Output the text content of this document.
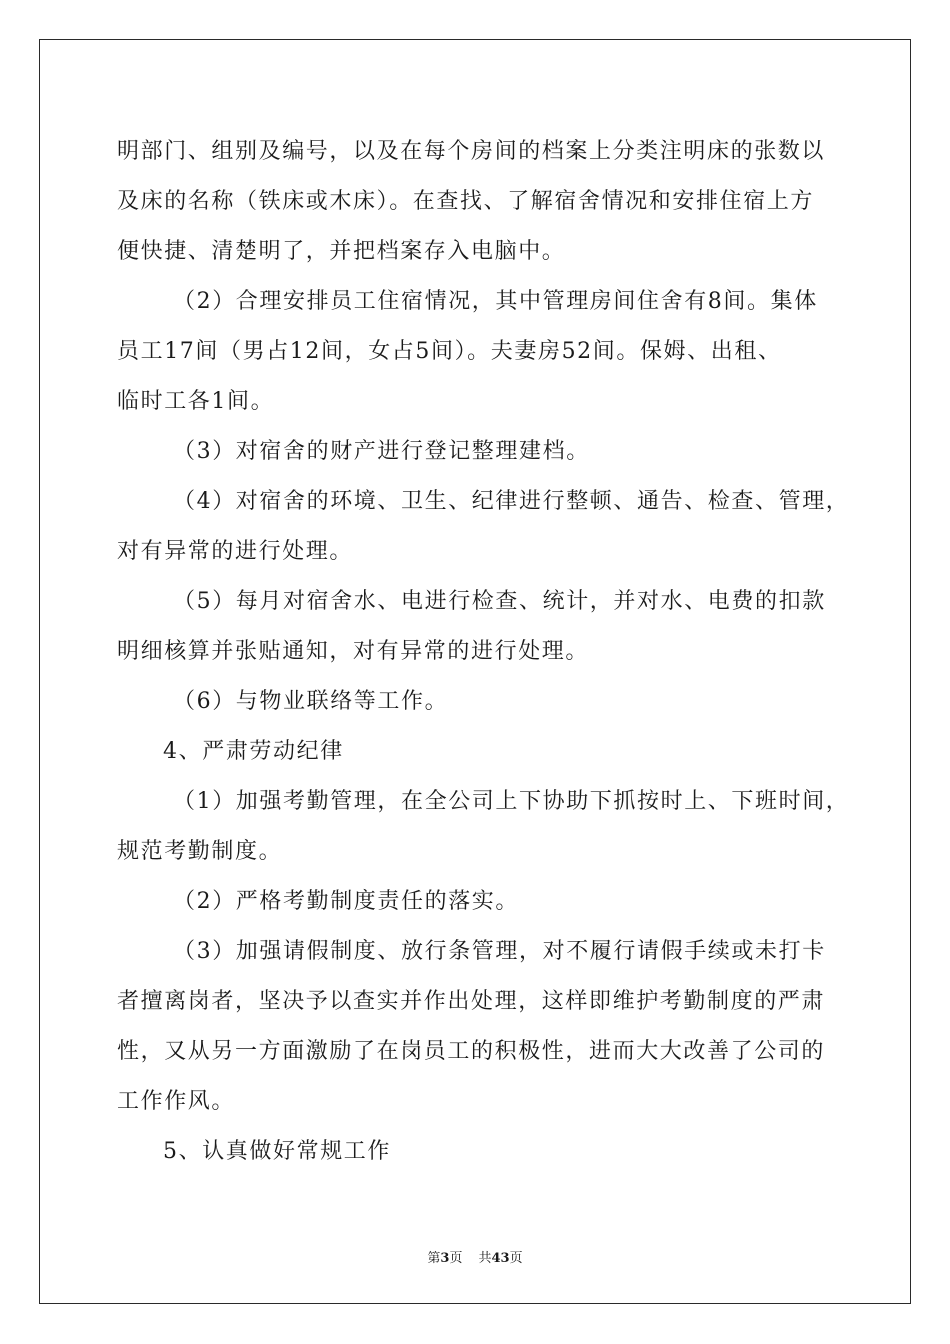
明部门、组别及编号，以及在每个房间的档案上分类注明床的张数以
及床的名称（铁床或木床）。在查找、了解宿舍情况和安排住宿上方
便快捷、清楚明了，并把档案存入电脑中。
（2）合理安排员工住宿情况，其中管理房间住舍有8间。集体
员工17间（男占12间，女占5间）。夫妻房52间。保姆、出租、
临时工各1间。
（3）对宿舍的财产进行登记整理建档。
（4）对宿舍的环境、卫生、纪律进行整顿、通告、检查、管理，
对有异常的进行处理。
（5）每月对宿舍水、电进行检查、统计，并对水、电费的扣款
明细核算并张贴通知，对有异常的进行处理。
（6）与物业联络等工作。
4、严肃劳动纪律
（1）加强考勤管理，在全公司上下协助下抓按时上、下班时间，
规范考勤制度。
（2）严格考勤制度责任的落实。
（3）加强请假制度、放行条管理，对不履行请假手续或未打卡
者擅离岗者，坚决予以查实并作出处理，这样即维护考勤制度的严肃
性，又从另一方面激励了在岗员工的积极性，进而大大改善了公司的
工作作风。
5、认真做好常规工作
第3页 共43页
